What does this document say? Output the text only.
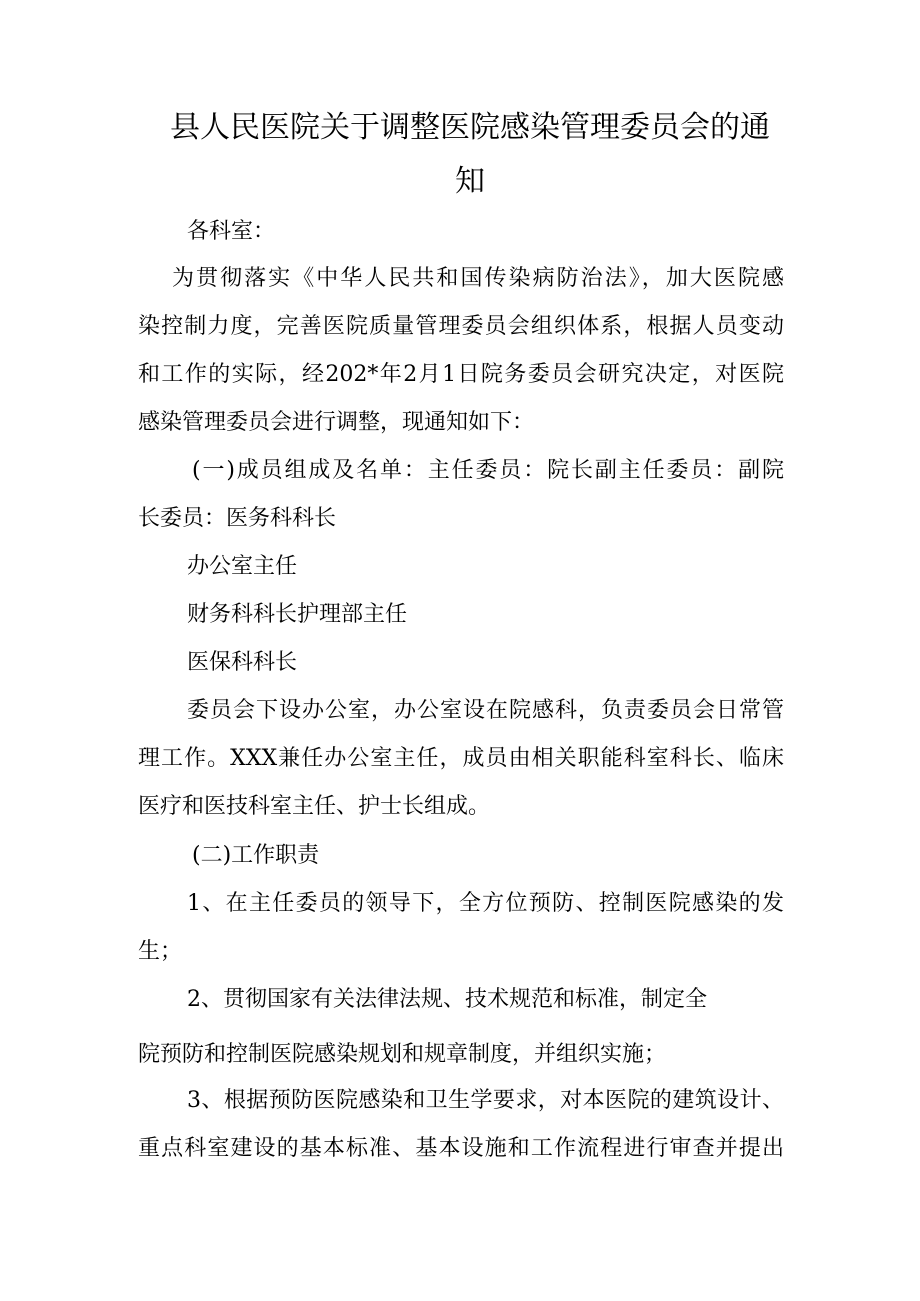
县人民医院关于调整医院感染管理委员会的通
知
各科室：
为贯彻落实《中华人民共和国传染病防治法》，加大医院感
染控制力度，完善医院质量管理委员会组织体系，根据人员变动
和工作的实际，经202*年2月1日院务委员会研究决定，对医院
感染管理委员会进行调整，现通知如下：
(一)成员组成及名单：主任委员：院长副主任委员：副院
长委员：医务科科长
办公室主任
财务科科长护理部主任
医保科科长
委员会下设办公室，办公室设在院感科，负责委员会日常管
理工作。XXX兼任办公室主任，成员由相关职能科室科长、临床
医疗和医技科室主任、护士长组成。
(二)工作职责
1、在主任委员的领导下，全方位预防、控制医院感染的发
生；
2、贯彻国家有关法律法规、技术规范和标准，制定全
院预防和控制医院感染规划和规章制度，并组织实施；
3、根据预防医院感染和卫生学要求，对本医院的建筑设计、
重点科室建设的基本标准、基本设施和工作流程进行审查并提出
